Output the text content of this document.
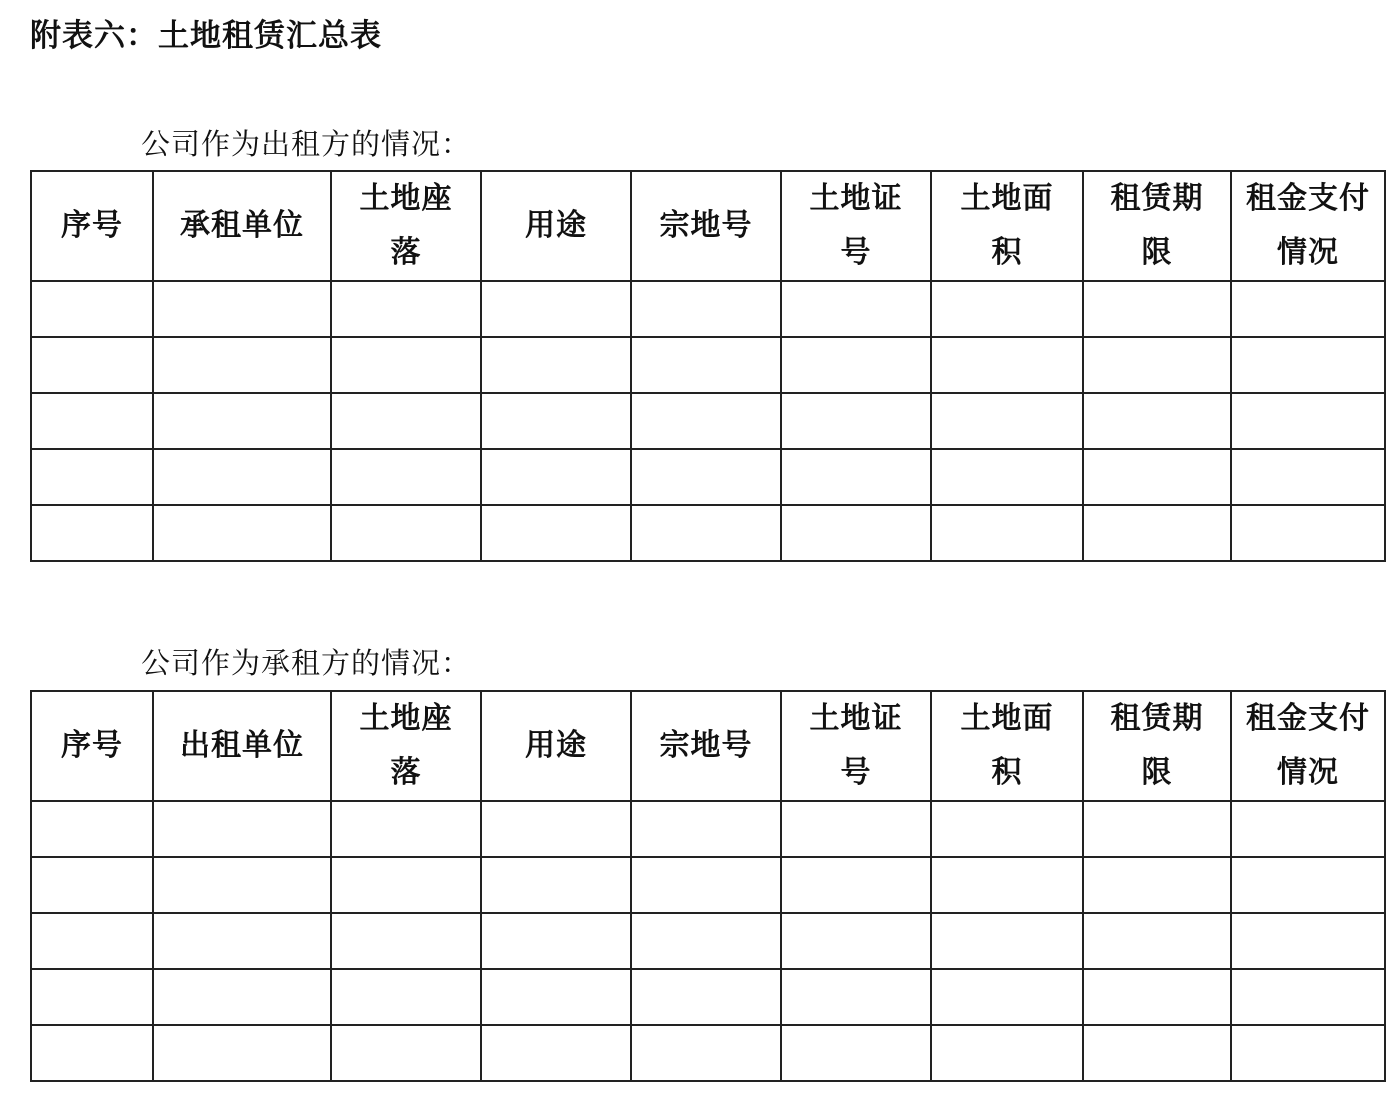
附表六：土地租赁汇总表
公司作为出租方的情况：
序号	承租单位	土地座落	用途	宗地号	土地证号	土地面积	租赁期限	租金支付情况

公司作为承租方的情况：
序号	出租单位	土地座落	用途	宗地号	土地证号	土地面积	租赁期限	租金支付情况
